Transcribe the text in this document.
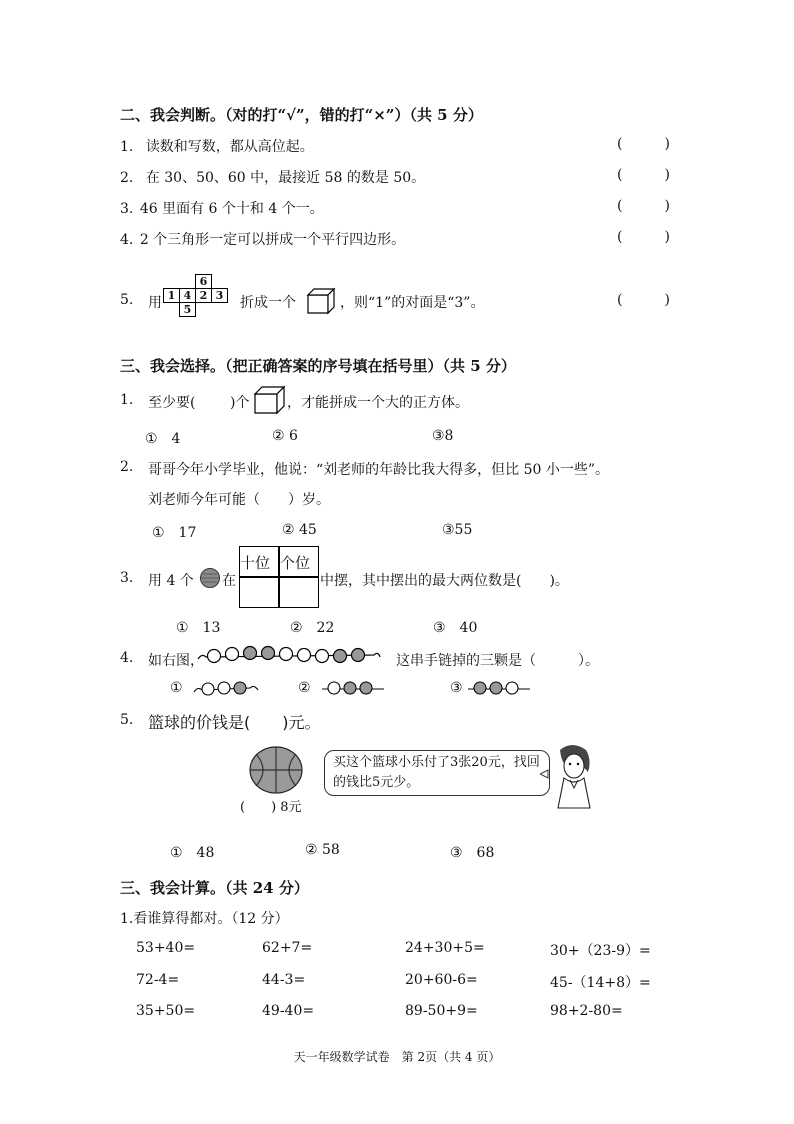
二、我会判断。（对的打“√”，错的打“×”）（共 5 分）
1. 读数和写数，都从高位起。
2. 在 30、50、60 中，最接近 58 的数是 50。
3. 46 里面有 6 个十和 4 个一。
4. 2 个三角形一定可以拼成一个平行四边形。
(	)
(	)
(	)
(	)
(	)
5. 用
		6	
1	4	2	3
	5			折成一个	，则“1”的对面是“3”。
三、我会选择。（把正确答案的序号填在括号里）（共 5 分）
1. 至少要( )个	，才能拼成一个大的正方体。
①　4	② 6	③8
2. 哥哥今年小学毕业，他说：“刘老师的年龄比我大得多，但比 50 小一些”。
刘老师今年可能（　　）岁。
①　17	② 45	③55
3. 用 4 个 在
十位 个位
中摆，其中摆出的最大两位数是(　　)。
①　13	②　22	③　40
4. 如右图，	这串手链掉的三颗是（　　　）。
①	②	③
5. 篮球的价钱是(　　)元。
(　　) 8元
买这个篮球小乐付了3张20元，找回的钱比5元少。
①　48	② 58	③　68
三、我会计算。（共 24 分）
1.看谁算得都对。（12 分）
53+40=	62+7=	24+30+5=	30+（23-9）=
72-4=	44-3=	20+60-6=	45-（14+8）=
35+50=	49-40=	89-50+9=	98+2-80=
天一年级数学试卷　第 2页（共 4 页）
